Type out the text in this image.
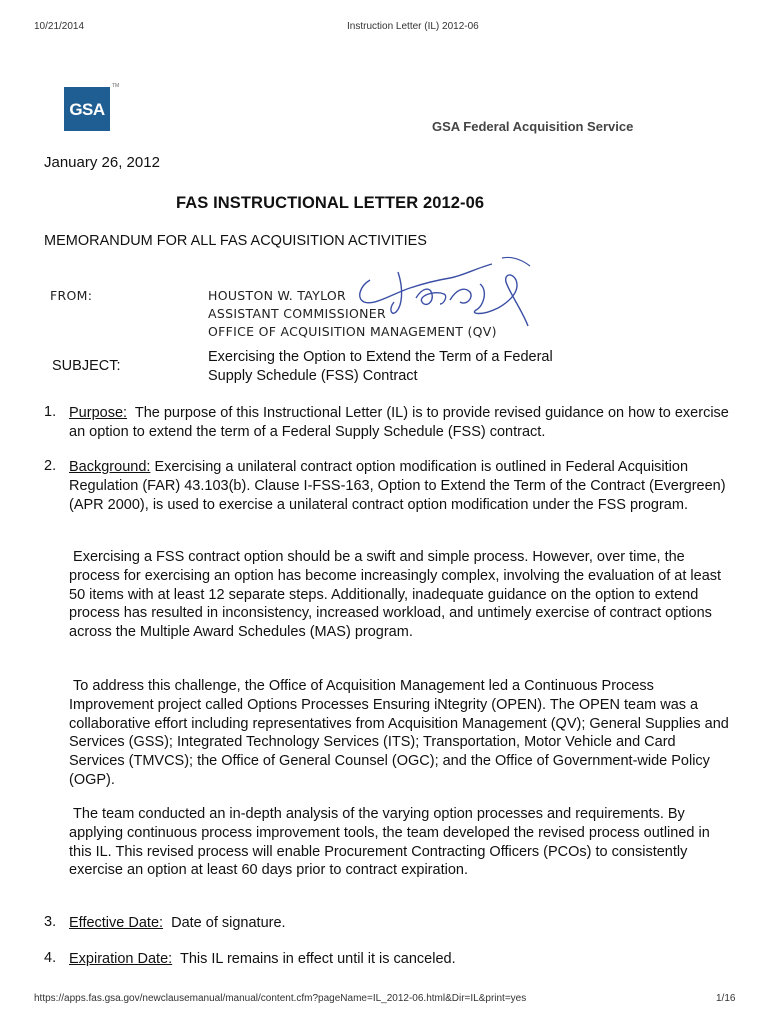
10/21/2014	Instruction Letter (IL) 2012-06
GSA
TM
GSA Federal Acquisition Service
January 26, 2012
FAS INSTRUCTIONAL LETTER 2012-06
MEMORANDUM FOR ALL FAS ACQUISITION ACTIVITIES
FROM:	HOUSTON W. TAYLOR
ASSISTANT COMMISSIONER
OFFICE OF ACQUISITION MANAGEMENT (QV)
SUBJECT:
Exercising the Option to Extend the Term of a Federal
Supply Schedule (FSS) Contract
1. Purpose: The purpose of this Instructional Letter (IL) is to provide revised guidance on how to exercise an option to extend the term of a Federal Supply Schedule (FSS) contract.
2. Background: Exercising a unilateral contract option modification is outlined in Federal Acquisition Regulation (FAR) 43.103(b). Clause I-FSS-163, Option to Extend the Term of the Contract (Evergreen) (APR 2000), is used to exercise a unilateral contract option modification under the FSS program.
Exercising a FSS contract option should be a swift and simple process. However, over time, the process for exercising an option has become increasingly complex, involving the evaluation of at least 50 items with at least 12 separate steps. Additionally, inadequate guidance on the option to extend process has resulted in inconsistency, increased workload, and untimely exercise of contract options across the Multiple Award Schedules (MAS) program.
To address this challenge, the Office of Acquisition Management led a Continuous Process Improvement project called Options Processes Ensuring iNtegrity (OPEN). The OPEN team was a collaborative effort including representatives from Acquisition Management (QV); General Supplies and Services (GSS); Integrated Technology Services (ITS); Transportation, Motor Vehicle and Card Services (TMVCS); the Office of General Counsel (OGC); and the Office of Government-wide Policy (OGP).
The team conducted an in-depth analysis of the varying option processes and requirements. By applying continuous process improvement tools, the team developed the revised process outlined in this IL. This revised process will enable Procurement Contracting Officers (PCOs) to consistently exercise an option at least 60 days prior to contract expiration.
3. Effective Date: Date of signature.
4. Expiration Date: This IL remains in effect until it is canceled.
https://apps.fas.gsa.gov/newclausemanual/manual/content.cfm?pageName=IL_2012-06.html&Dir=IL&print=yes	1/16
